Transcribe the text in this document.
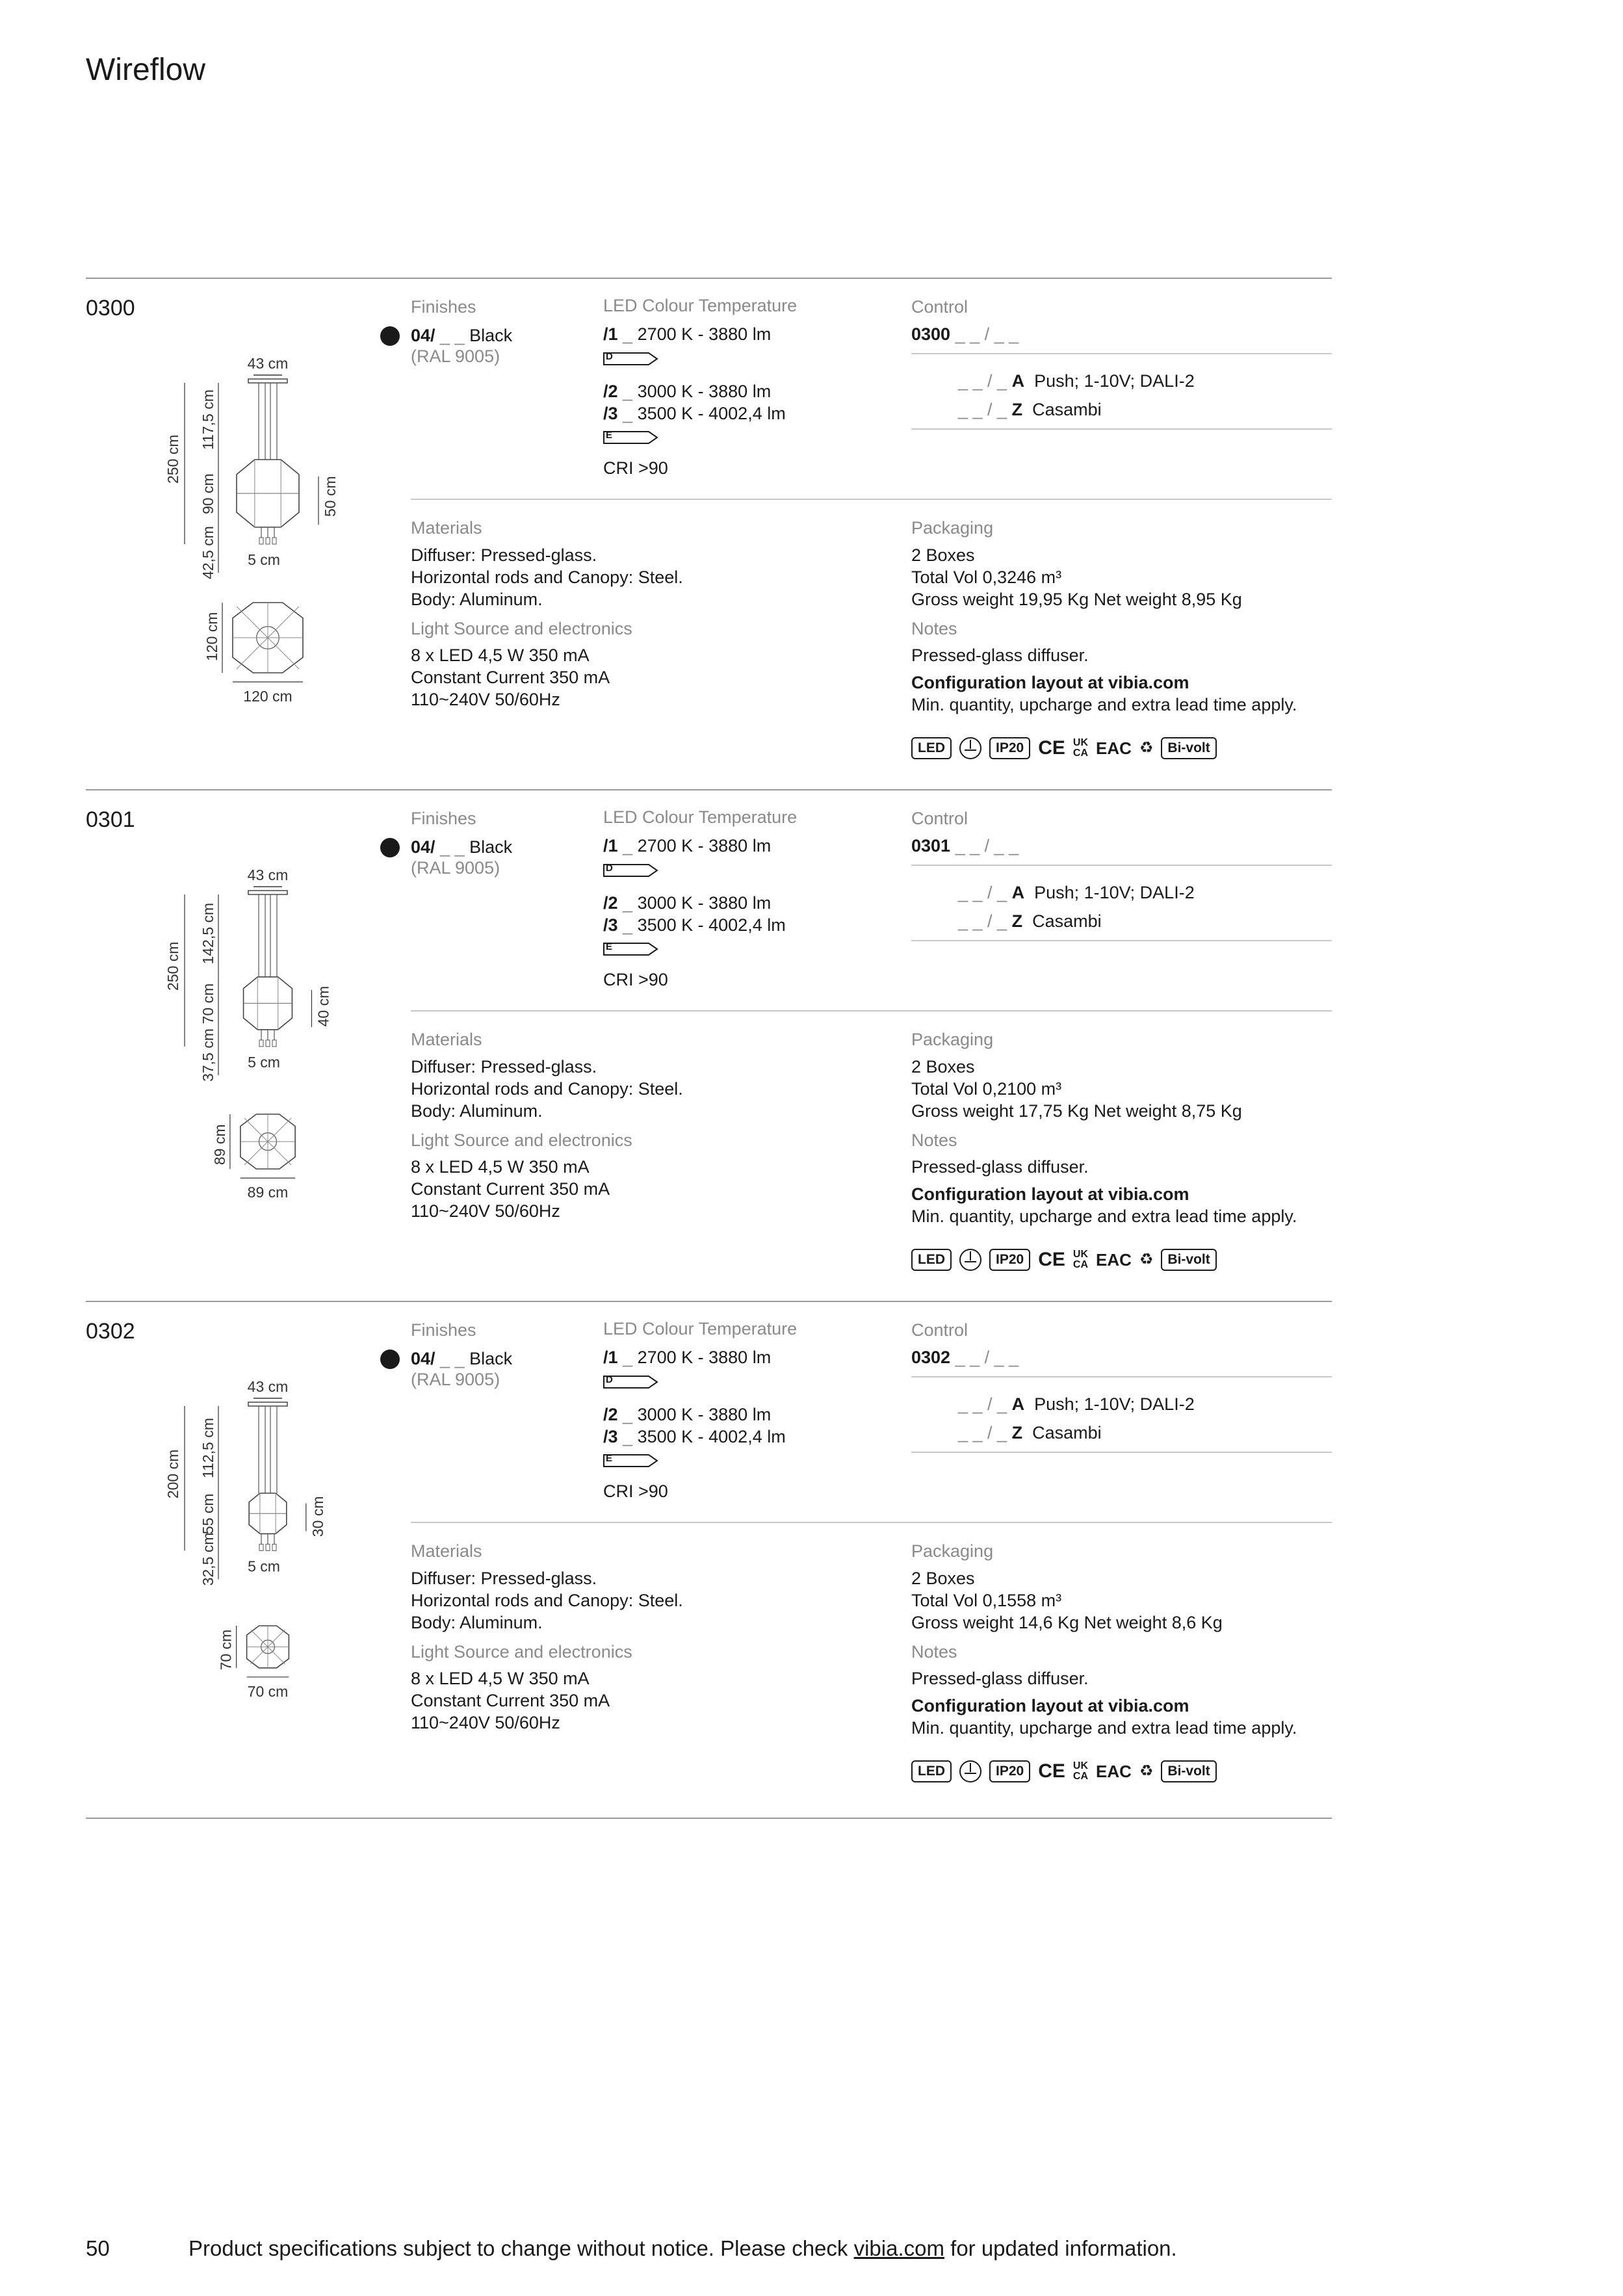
Wireflow
0300
43 cm
5 cm
250 cm
117,5 cm
90 cm
42,5 cm
50 cm
120 cm
120 cm
Finishes
04/ _ _ Black
(RAL 9005)
LED Colour Temperature
/1 _ 2700 K - 3880 lm
D
/2 _ 3000 K - 3880 lm
/3 _ 3500 K - 4002,4 lm
E
CRI >90
Control
0300 _ _ / _ _
_ _ / _ A Push; 1-10V; DALI-2
_ _ / _ Z Casambi
Materials
Diffuser: Pressed-glass.
Horizontal rods and Canopy: Steel.
Body: Aluminum.
Light Source and electronics
8 x LED 4,5 W 350 mA
Constant Current 350 mA
110~240V 50/60Hz
Packaging
2 Boxes
Total Vol 0,3246 m³
Gross weight 19,95 Kg Net weight 8,95 Kg
Notes
Pressed-glass diffuser.
Configuration layout at vibia.com
Min. quantity, upcharge and extra lead time apply.
LED	IP20 CE UK
CA EAC ♻	Bi-volt
0301
43 cm
5 cm
250 cm
142,5 cm
70 cm
37,5 cm
40 cm
89 cm
89 cm
Finishes
04/ _ _ Black
(RAL 9005)
LED Colour Temperature
/1 _ 2700 K - 3880 lm
D
/2 _ 3000 K - 3880 lm
/3 _ 3500 K - 4002,4 lm
E
CRI >90
Control
0301 _ _ / _ _
_ _ / _ A Push; 1-10V; DALI-2
_ _ / _ Z Casambi
Materials
Diffuser: Pressed-glass.
Horizontal rods and Canopy: Steel.
Body: Aluminum.
Light Source and electronics
8 x LED 4,5 W 350 mA
Constant Current 350 mA
110~240V 50/60Hz
Packaging
2 Boxes
Total Vol 0,2100 m³
Gross weight 17,75 Kg Net weight 8,75 Kg
Notes
Pressed-glass diffuser.
Configuration layout at vibia.com
Min. quantity, upcharge and extra lead time apply.
LED	IP20 CE UK
CA EAC ♻	Bi-volt
0302
43 cm
5 cm
200 cm 112,5 cm
55 cm
32,5 cm
30 cm
70 cm
70 cm
Finishes
04/ _ _ Black
(RAL 9005)
LED Colour Temperature
/1 _ 2700 K - 3880 lm
D
/2 _ 3000 K - 3880 lm
/3 _ 3500 K - 4002,4 lm
E
CRI >90
Control
0302 _ _ / _ _
_ _ / _ A Push; 1-10V; DALI-2
_ _ / _ Z Casambi
Materials
Diffuser: Pressed-glass.
Horizontal rods and Canopy: Steel.
Body: Aluminum.
Light Source and electronics
8 x LED 4,5 W 350 mA
Constant Current 350 mA
110~240V 50/60Hz
Packaging
2 Boxes
Total Vol 0,1558 m³
Gross weight 14,6 Kg Net weight 8,6 Kg
Notes
Pressed-glass diffuser.
Configuration layout at vibia.com
Min. quantity, upcharge and extra lead time apply.
LED	IP20 CE UK
CA EAC ♻	Bi-volt
50	Product specifications subject to change without notice. Please check vibia.com for updated information.
